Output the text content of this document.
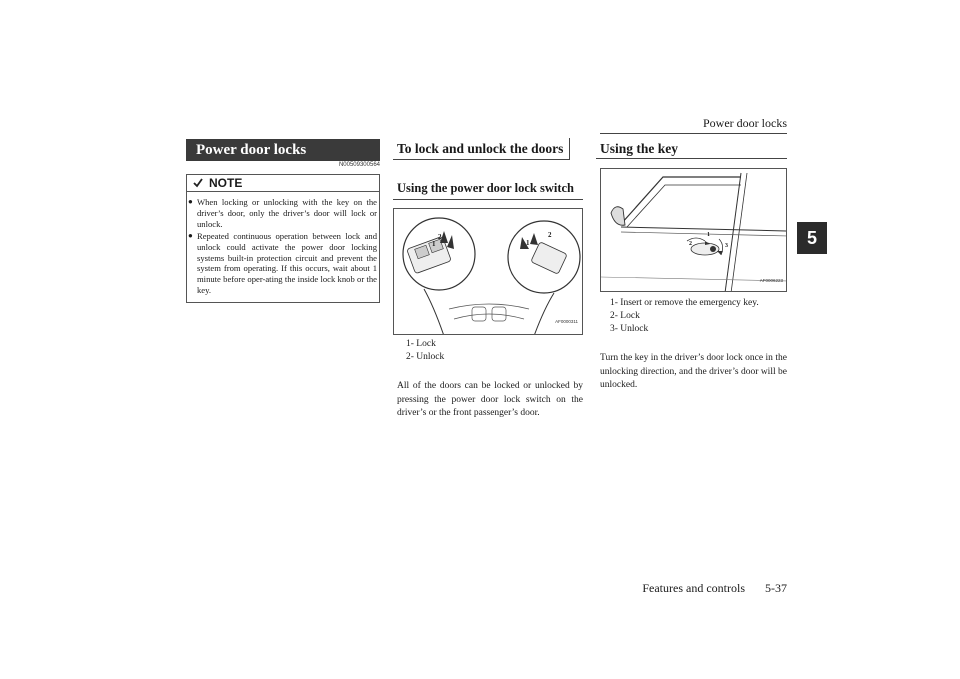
Power door locks
5
Power door locks
N00509300564
NOTE
● When locking or unlocking with the key on the driver’s door, only the driver’s door will lock or unlock.
● Repeated continuous operation between lock and unlock could activate the power door locking systems built-in protection circuit and prevent the system from operating. If this occurs, wait about 1 minute before oper-ating the inside lock knob or the key.
To lock and unlock the doors
Using the power door lock switch
1
2
1
2
AF0000311
1- Lock
2- Unlock
All of the doors can be locked or unlocked by pressing the power door lock switch on the driver’s or the front passenger’s door.
Using the key
1
2	3
AF0006223
1- Insert or remove the emergency key.
2- Lock
3- Unlock
Turn the key in the driver’s door lock once in the unlocking direction, and the driver’s door will be unlocked.
Features and controls 5-37
